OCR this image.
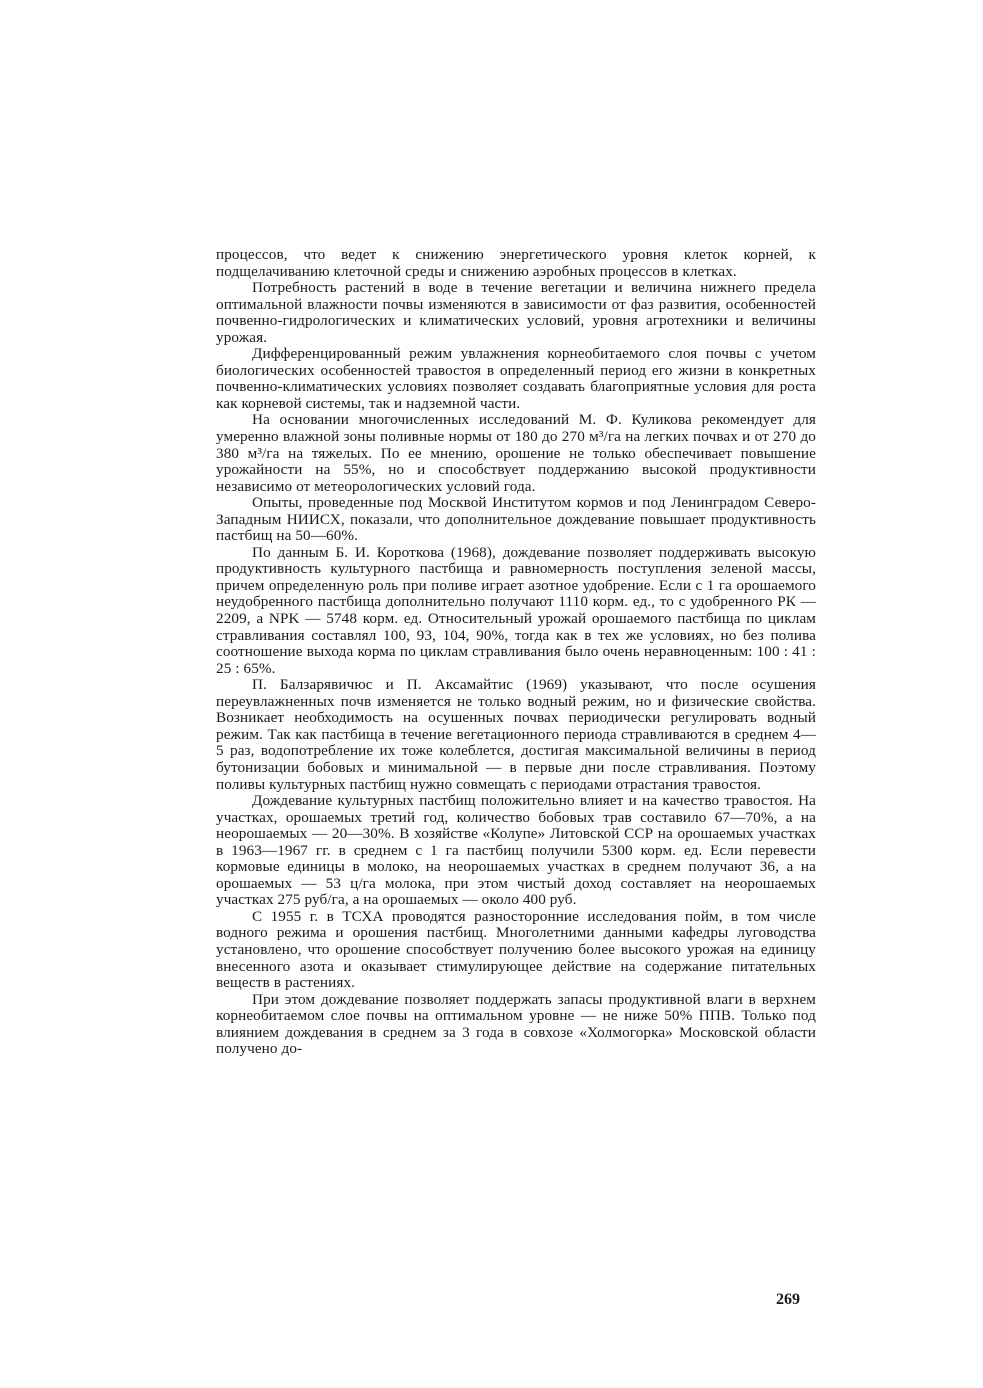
процессов, что ведет к снижению энергетического уровня клеток корней, к подщелачиванию клеточной среды и снижению аэробных процессов в клетках.

Потребность растений в воде в течение вегетации и величина нижнего предела оптимальной влажности почвы изменяются в зависимости от фаз развития, особенностей почвенно-гидрологических и климатических условий, уровня агротехники и величины урожая.

Дифференцированный режим увлажнения корнеобитаемого слоя почвы с учетом биологических особенностей травостоя в определенный период его жизни в конкретных почвенно-климатических условиях позволяет создавать благоприятные условия для роста как корневой системы, так и надземной части.

На основании многочисленных исследований М. Ф. Куликова рекомендует для умеренно влажной зоны поливные нормы от 180 до 270 м³/га на легких почвах и от 270 до 380 м³/га на тяжелых. По ее мнению, орошение не только обеспечивает повышение урожайности на 55%, но и способствует поддержанию высокой продуктивности независимо от метеорологических условий года.

Опыты, проведенные под Москвой Институтом кормов и под Ленинградом Северо-Западным НИИСХ, показали, что дополнительное дождевание повышает продуктивность пастбищ на 50—60%.

По данным Б. И. Короткова (1968), дождевание позволяет поддерживать высокую продуктивность культурного пастбища и равномерность поступления зеленой массы, причем определенную роль при поливе играет азотное удобрение. Если с 1 га орошаемого неудобренного пастбища дополнительно получают 1110 корм. ед., то с удобренного РК — 2209, а NPK — 5748 корм. ед. Относительный урожай орошаемого пастбища по циклам стравливания составлял 100, 93, 104, 90%, тогда как в тех же условиях, но без полива соотношение выхода корма по циклам стравливания было очень неравноценным: 100 : 41 : 25 : 65%.

П. Балзарявичюс и П. Аксамайтис (1969) указывают, что после осушения переувлажненных почв изменяется не только водный режим, но и физические свойства. Возникает необходимость на осушенных почвах периодически регулировать водный режим. Так как пастбища в течение вегетационного периода стравливаются в среднем 4—5 раз, водопотребление их тоже колеблется, достигая максимальной величины в период бутонизации бобовых и минимальной — в первые дни после стравливания. Поэтому поливы культурных пастбищ нужно совмещать с периодами отрастания травостоя.

Дождевание культурных пастбищ положительно влияет и на качество травостоя. На участках, орошаемых третий год, количество бобовых трав составило 67—70%, а на неорошаемых — 20—30%. В хозяйстве «Колупе» Литовской ССР на орошаемых участках в 1963—1967 гг. в среднем с 1 га пастбищ получили 5300 корм. ед. Если перевести кормовые единицы в молоко, на неорошаемых участках в среднем получают 36, а на орошаемых — 53 ц/га молока, при этом чистый доход составляет на неорошаемых участках 275 руб/га, а на орошаемых — около 400 руб.

С 1955 г. в ТСХА проводятся разносторонние исследования пойм, в том числе водного режима и орошения пастбищ. Многолетними данными кафедры луговодства установлено, что орошение способствует получению более высокого урожая на единицу внесенного азота и оказывает стимулирующее действие на содержание питательных веществ в растениях.

При этом дождевание позволяет поддержать запасы продуктивной влаги в верхнем корнеобитаемом слое почвы на оптимальном уровне — не ниже 50% ППВ. Только под влиянием дождевания в среднем за 3 года в совхозе «Холмогорка» Московской области получено до-

269
